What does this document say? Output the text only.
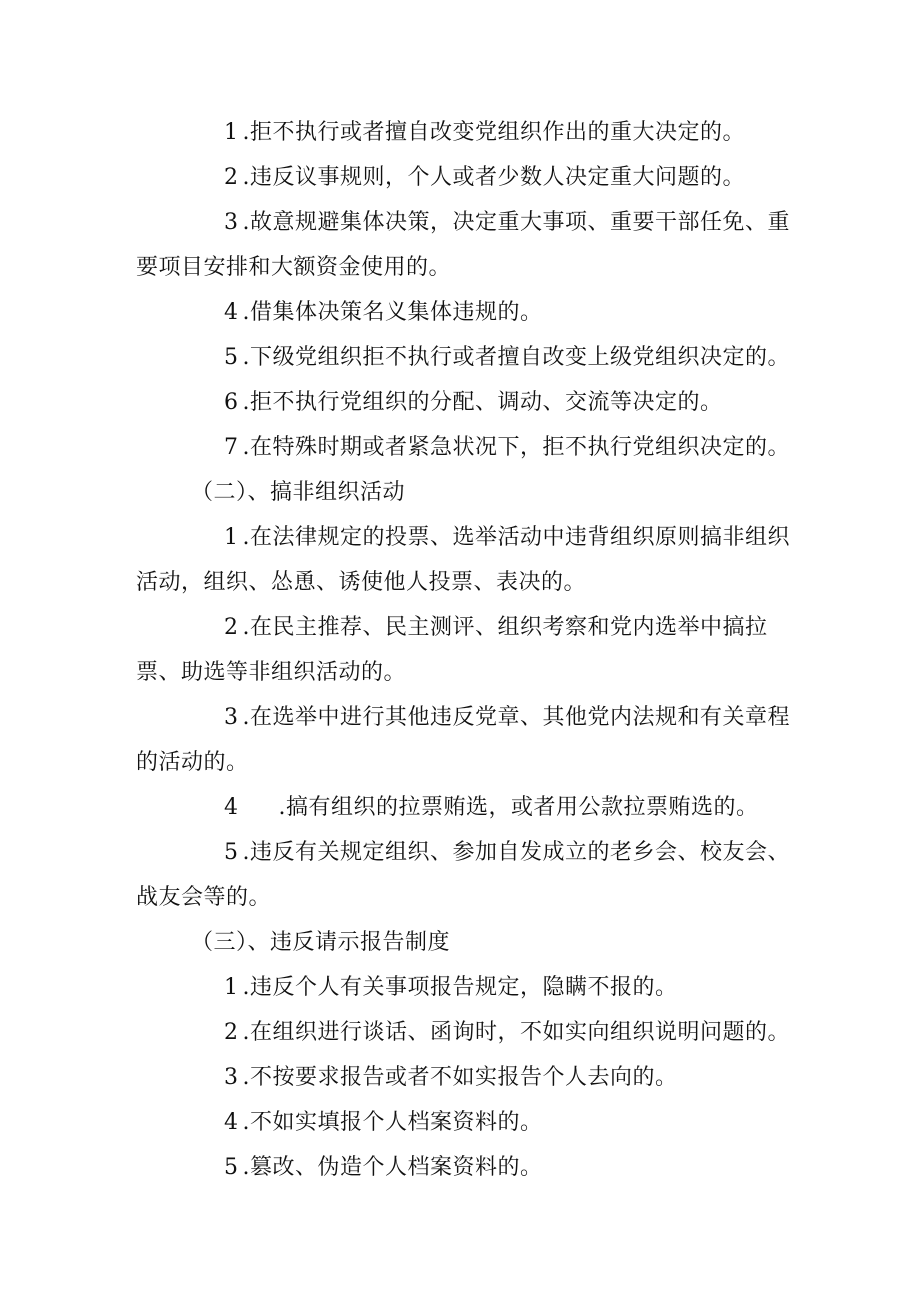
1 .拒不执行或者擅自改变党组织作出的重大决定的。

2 .违反议事规则，个人或者少数人决定重大问题的。

3 .故意规避集体决策，决定重大事项、重要干部任免、重要项目安排和大额资金使用的。

4 .借集体决策名义集体违规的。

5 .下级党组织拒不执行或者擅自改变上级党组织决定的。

6 .拒不执行党组织的分配、调动、交流等决定的。

7 .在特殊时期或者紧急状况下，拒不执行党组织决定的。

（二）、搞非组织活动

1 .在法律规定的投票、选举活动中违背组织原则搞非组织活动，组织、怂恿、诱使他人投票、表决的。

2 .在民主推荐、民主测评、组织考察和党内选举中搞拉票、助选等非组织活动的。

3 .在选举中进行其他违反党章、其他党内法规和有关章程的活动的。

4 .搞有组织的拉票贿选，或者用公款拉票贿选的。

5 .违反有关规定组织、参加自发成立的老乡会、校友会、战友会等的。

（三）、违反请示报告制度

1 .违反个人有关事项报告规定，隐瞒不报的。

2 .在组织进行谈话、函询时，不如实向组织说明问题的。

3 .不按要求报告或者不如实报告个人去向的。

4 .不如实填报个人档案资料的。

5 .篡改、伪造个人档案资料的。
